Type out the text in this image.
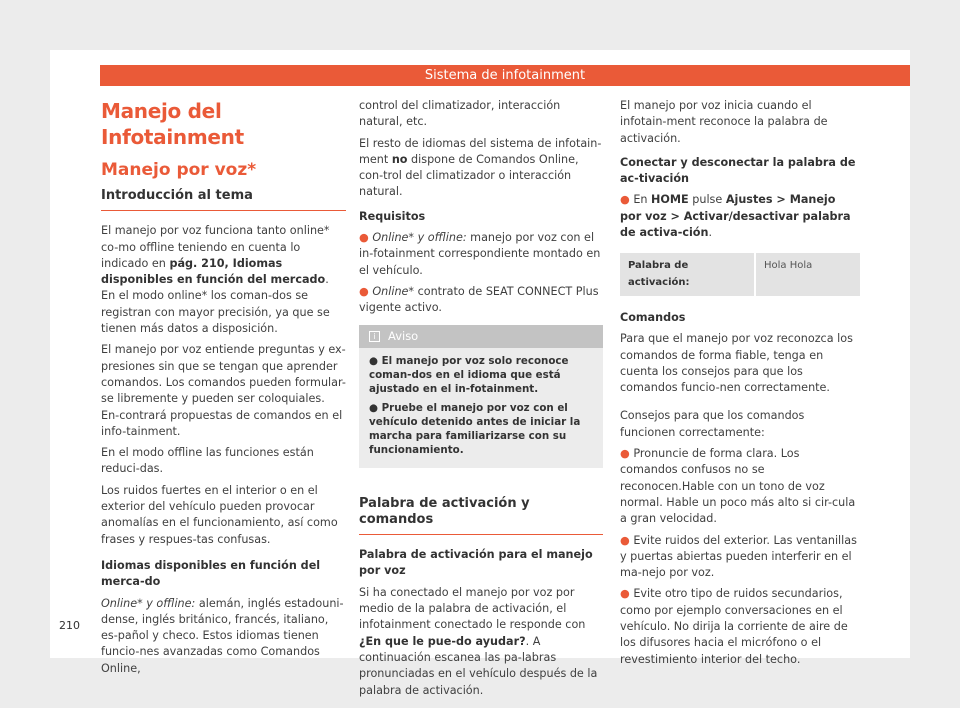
Sistema de infotainment
Manejo del Infotainment
Manejo por voz*
Introducción al tema

El manejo por voz funciona tanto online* co-mo offline teniendo en cuenta lo indicado en pág. 210, Idiomas disponibles en función del mercado. En el modo online* los coman-dos se registran con mayor precisión, ya que se tienen más datos a disposición.

El manejo por voz entiende preguntas y ex-presiones sin que se tengan que aprender comandos. Los comandos pueden formular-se libremente y pueden ser coloquiales. En-contrará propuestas de comandos en el info-tainment.

En el modo offline las funciones están reduci-das.

Los ruidos fuertes en el interior o en el exterior del vehículo pueden provocar anomalías en el funcionamiento, así como frases y respues-tas confusas.

Idiomas disponibles en función del merca-do

Online* y offline: alemán, inglés estadouni-dense, inglés británico, francés, italiano, es-pañol y checo. Estos idiomas tienen funcio-nes avanzadas como Comandos Online,

control del climatizador, interacción natural, etc.

El resto de idiomas del sistema de infotain-ment no dispone de Comandos Online, con-trol del climatizador o interacción natural.

Requisitos

● Online* y offline: manejo por voz con el in-fotainment correspondiente montado en el vehículo.

● Online* contrato de SEAT CONNECT Plus vigente activo.

i Aviso

● El manejo por voz solo reconoce coman-dos en el idioma que está ajustado en el in-fotainment.

● Pruebe el manejo por voz con el vehículo detenido antes de iniciar la marcha para familiarizarse con su funcionamiento.

Palabra de activación y comandos

Palabra de activación para el manejo por voz

Si ha conectado el manejo por voz por medio de la palabra de activación, el infotainment conectado le responde con ¿En que le pue-do ayudar?. A continuación escanea las pa-labras pronunciadas en el vehículo después de la palabra de activación.

El manejo por voz inicia cuando el infotain-ment reconoce la palabra de activación.

Conectar y desconectar la palabra de ac-tivación

● En HOME pulse Ajustes > Manejo por voz > Activar/desactivar palabra de activa-ción.

Palabra de activación:
Hola Hola

Comandos

Para que el manejo por voz reconozca los comandos de forma fiable, tenga en cuenta los consejos para que los comandos funcio-nen correctamente.

Consejos para que los comandos funcionen correctamente:

● Pronuncie de forma clara. Los comandos confusos no se reconocen.Hable con un tono de voz normal. Hable un poco más alto si cir-cula a gran velocidad.

● Evite ruidos del exterior. Las ventanillas y puertas abiertas pueden interferir en el ma-nejo por voz.

● Evite otro tipo de ruidos secundarios, como por ejemplo conversaciones en el vehículo. No dirija la corriente de aire de los difusores hacia el micrófono o el revestimiento interior del techo.

210
